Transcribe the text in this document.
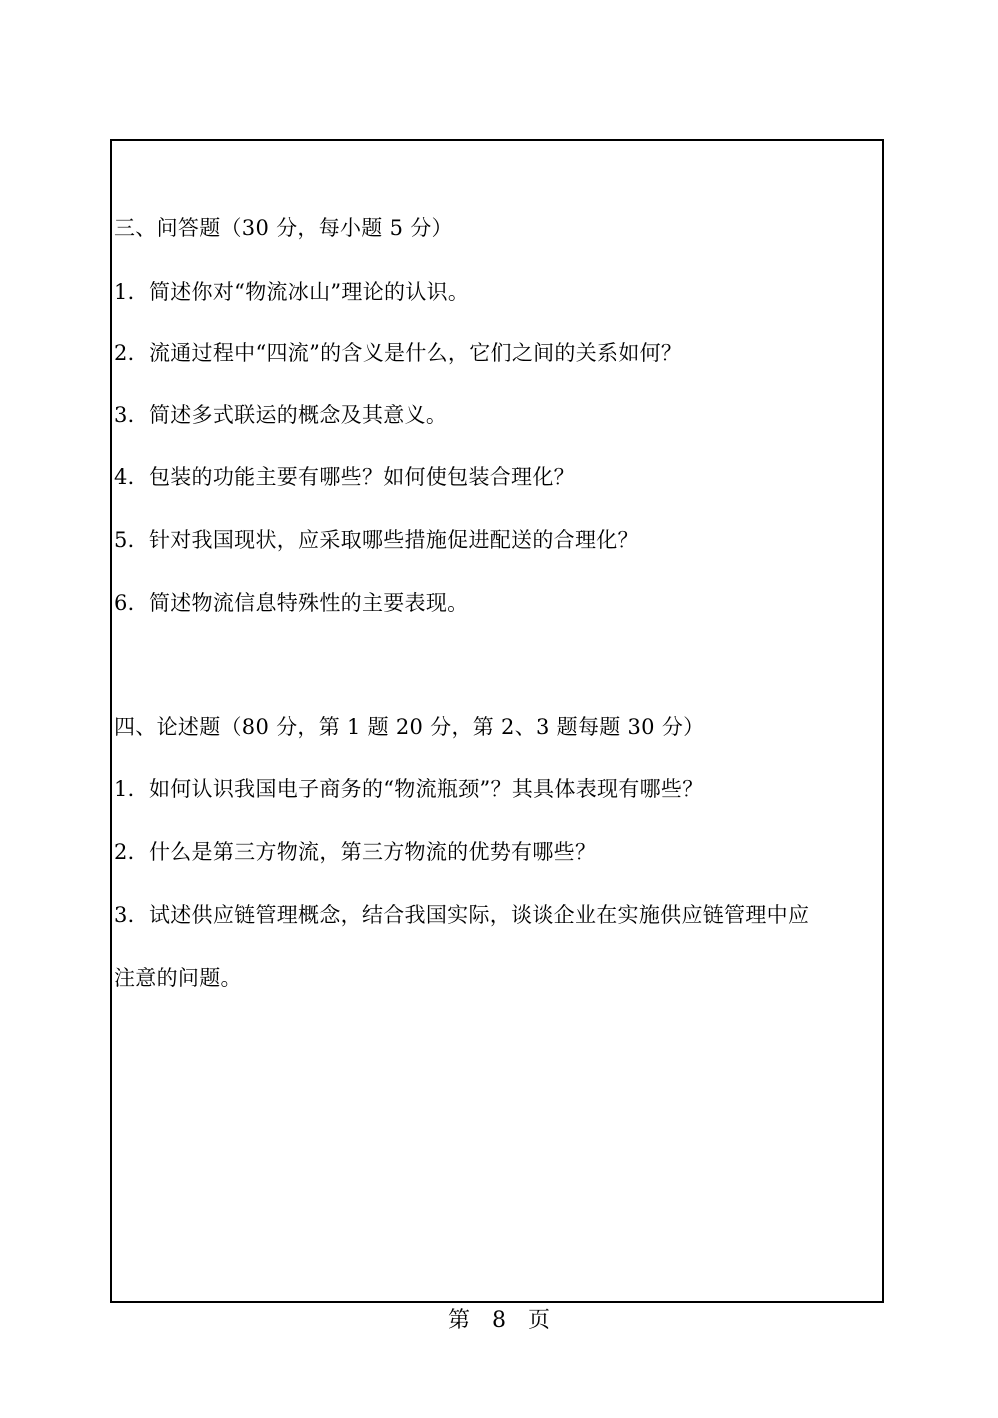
三、问答题（30 分，每小题 5 分）
1．简述你对“物流冰山”理论的认识。
2．流通过程中“四流”的含义是什么，它们之间的关系如何？
3．简述多式联运的概念及其意义。
4．包装的功能主要有哪些？如何使包装合理化？
5．针对我国现状，应采取哪些措施促进配送的合理化？
6．简述物流信息特殊性的主要表现。
四、论述题（80 分，第 1 题 20 分，第 2、3 题每题 30 分）
1．如何认识我国电子商务的“物流瓶颈”？其具体表现有哪些？
2．什么是第三方物流，第三方物流的优势有哪些？
3．试述供应链管理概念，结合我国实际，谈谈企业在实施供应链管理中应
注意的问题。
第　8　页
